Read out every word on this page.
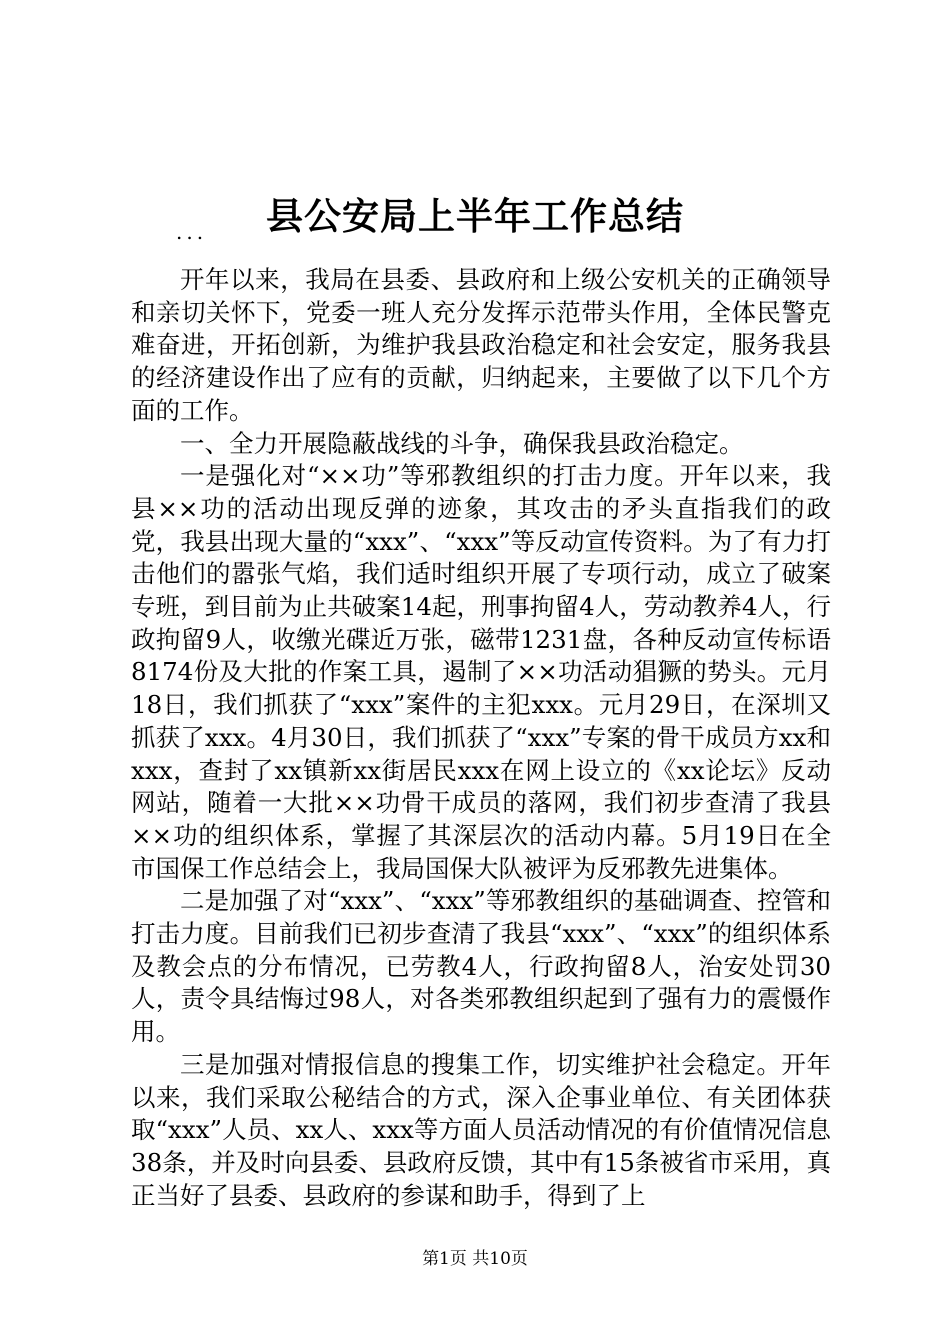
县公安局上半年工作总结
...

开年以来，我局在县委、县政府和上级公安机关的正确领导和亲切关怀下，党委一班人充分发挥示范带头作用，全体民警克难奋进，开拓创新，为维护我县政治稳定和社会安定，服务我县的经济建设作出了应有的贡献，归纳起来，主要做了以下几个方面的工作。

一、全力开展隐蔽战线的斗争，确保我县政治稳定。

一是强化对“××功”等邪教组织的打击力度。开年以来，我县××功的活动出现反弹的迹象，其攻击的矛头直指我们的政党，我县出现大量的“xxx”、“xxx”等反动宣传资料。为了有力打击他们的嚣张气焰，我们适时组织开展了专项行动，成立了破案专班，到目前为止共破案14起，刑事拘留4人，劳动教养4人，行政拘留9人，收缴光碟近万张，磁带1231盘，各种反动宣传标语8174份及大批的作案工具，遏制了××功活动猖獗的势头。元月18日，我们抓获了“xxx”案件的主犯xxx。元月29日，在深圳又抓获了xxx。4月30日，我们抓获了“xxx”专案的骨干成员方xx和xxx，查封了xx镇新xx街居民xxx在网上设立的《xx论坛》反动网站，随着一大批××功骨干成员的落网，我们初步查清了我县××功的组织体系，掌握了其深层次的活动内幕。5月19日在全市国保工作总结会上，我局国保大队被评为反邪教先进集体。

二是加强了对“xxx”、“xxx”等邪教组织的基础调查、控管和打击力度。目前我们已初步查清了我县“xxx”、“xxx”的组织体系及教会点的分布情况，已劳教4人，行政拘留8人，治安处罚30人，责令具结悔过98人，对各类邪教组织起到了强有力的震慑作用。

三是加强对情报信息的搜集工作，切实维护社会稳定。开年以来，我们采取公秘结合的方式，深入企事业单位、有关团体获取“xxx”人员、xx人、xxx等方面人员活动情况的有价值情况信息38条，并及时向县委、县政府反馈，其中有15条被省市采用，真正当好了县委、县政府的参谋和助手，得到了上

第1页 共10页
